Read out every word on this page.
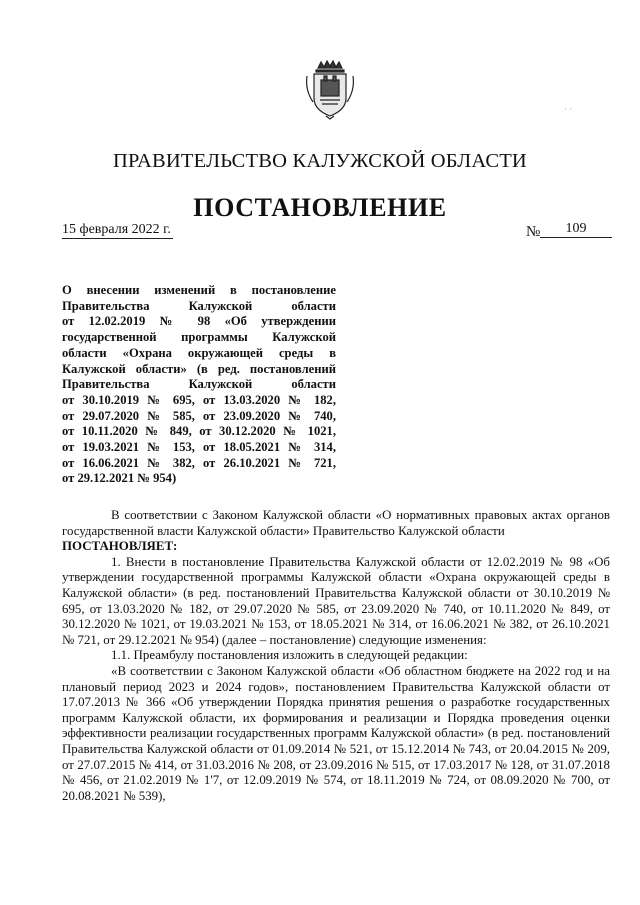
· ·
ПРАВИТЕЛЬСТВО КАЛУЖСКОЙ ОБЛАСТИ
ПОСТАНОВЛЕНИЕ
15 февраля 2022 г.	№	109
О внесении изменений в постановление
Правительства Калужской области
от 12.02.2019 № 98 «Об утверждении
государственной программы Калужской
области «Охрана окружающей среды в
Калужской области» (в ред. постановлений
Правительства Калужской области
от 30.10.2019 № 695, от 13.03.2020 № 182,
от 29.07.2020 № 585, от 23.09.2020 № 740,
от 10.11.2020 № 849, от 30.12.2020 № 1021,
от 19.03.2021 № 153, от 18.05.2021 № 314,
от 16.06.2021 № 382, от 26.10.2021 № 721,
от 29.12.2021 № 954)

В соответствии с Законом Калужской области «О нормативных правовых актах органов государственной власти Калужской области» Правительство Калужской области

ПОСТАНОВЛЯЕТ:

1. Внести в постановление Правительства Калужской области от 12.02.2019 № 98 «Об утверждении государственной программы Калужской области «Охрана окружающей среды в Калужской области» (в ред. постановлений Правительства Калужской области от 30.10.2019 № 695, от 13.03.2020 № 182, от 29.07.2020 № 585, от 23.09.2020 № 740, от 10.11.2020 № 849, от 30.12.2020 № 1021, от 19.03.2021 № 153, от 18.05.2021 № 314, от 16.06.2021 № 382, от 26.10.2021 № 721, от 29.12.2021 № 954) (далее – постановление) следующие изменения:

1.1. Преамбулу постановления изложить в следующей редакции:

«В соответствии с Законом Калужской области «Об областном бюджете на 2022 год и на плановый период 2023 и 2024 годов», постановлением Правительства Калужской области от 17.07.2013 № 366 «Об утверждении Порядка принятия решения о разработке государственных программ Калужской области, их формирования и реализации и Порядка проведения оценки эффективности реализации государственных программ Калужской области» (в ред. постановлений Правительства Калужской области от 01.09.2014 № 521, от 15.12.2014 № 743, от 20.04.2015 № 209, от 27.07.2015 № 414, от 31.03.2016 № 208, от 23.09.2016 № 515, от 17.03.2017 № 128, от 31.07.2018 № 456, от 21.02.2019 № 1'7, от 12.09.2019 № 574, от 18.11.2019 № 724, от 08.09.2020 № 700, от 20.08.2021 № 539),
